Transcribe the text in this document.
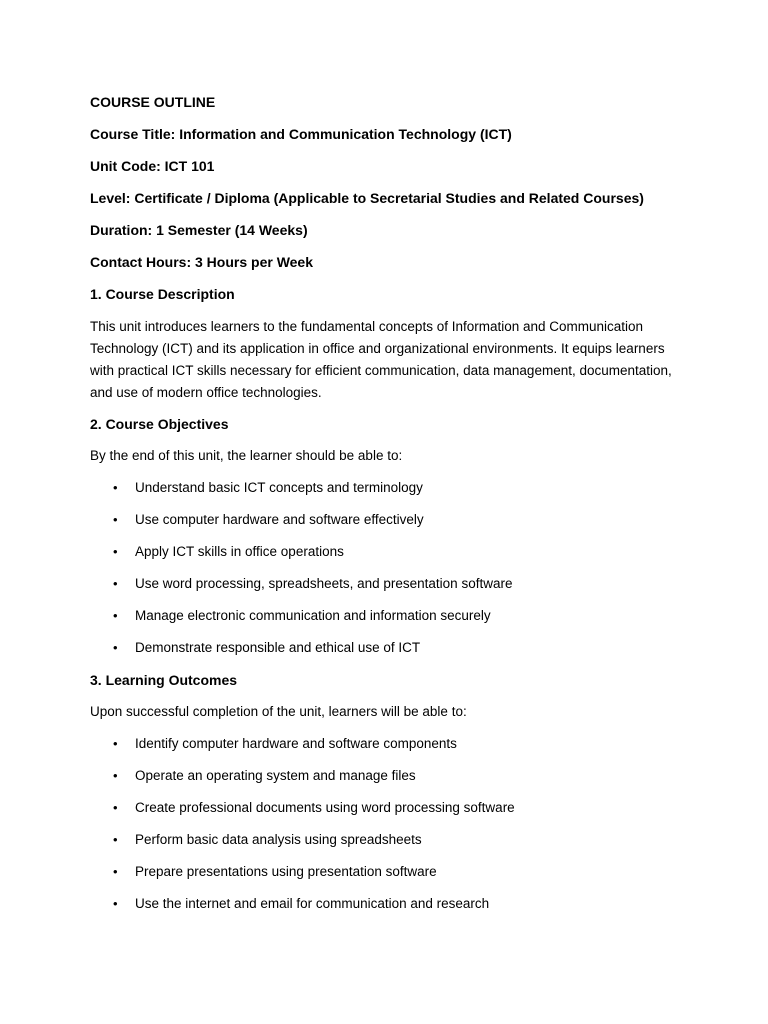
COURSE OUTLINE
Course Title: Information and Communication Technology (ICT)
Unit Code: ICT 101
Level: Certificate / Diploma (Applicable to Secretarial Studies and Related Courses)
Duration: 1 Semester (14 Weeks)
Contact Hours: 3 Hours per Week
1. Course Description
This unit introduces learners to the fundamental concepts of Information and Communication Technology (ICT) and its application in office and organizational environments. It equips learners with practical ICT skills necessary for efficient communication, data management, documentation, and use of modern office technologies.
2. Course Objectives
By the end of this unit, the learner should be able to:
• Understand basic ICT concepts and terminology
• Use computer hardware and software effectively
• Apply ICT skills in office operations
• Use word processing, spreadsheets, and presentation software
• Manage electronic communication and information securely
• Demonstrate responsible and ethical use of ICT
3. Learning Outcomes
Upon successful completion of the unit, learners will be able to:
• Identify computer hardware and software components
• Operate an operating system and manage files
• Create professional documents using word processing software
• Perform basic data analysis using spreadsheets
• Prepare presentations using presentation software
• Use the internet and email for communication and research
